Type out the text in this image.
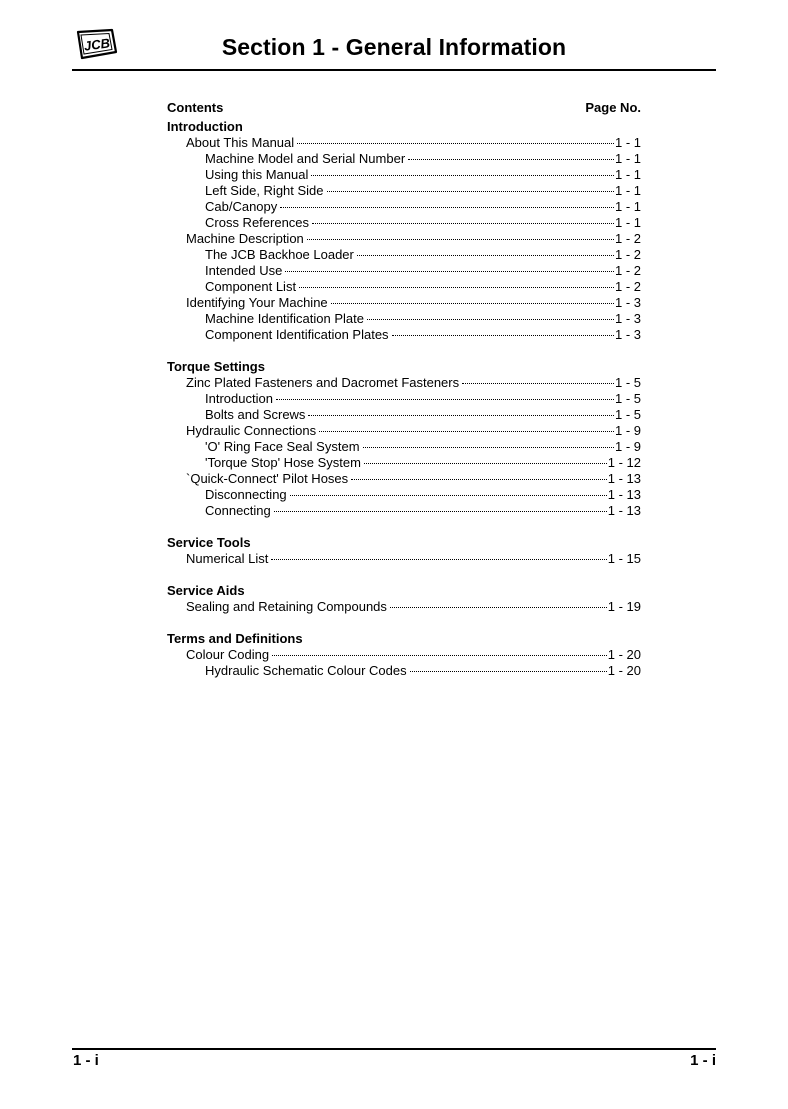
JCB	Section 1 - General Information
Contents	Page No.
Introduction
About This Manual	1 - 1
Machine Model and Serial Number	1 - 1
Using this Manual	1 - 1
Left Side, Right Side	1 - 1
Cab/Canopy	1 - 1
Cross References	1 - 1
Machine Description	1 - 2
The JCB Backhoe Loader	1 - 2
Intended Use	1 - 2
Component List	1 - 2
Identifying Your Machine	1 - 3
Machine Identification Plate	1 - 3
Component Identification Plates	1 - 3
Torque Settings
Zinc Plated Fasteners and Dacromet Fasteners	1 - 5
Introduction	1 - 5
Bolts and Screws	1 - 5
Hydraulic Connections	1 - 9
'O' Ring Face Seal System	1 - 9
'Torque Stop' Hose System	1 - 12
`Quick-Connect' Pilot Hoses	1 - 13
Disconnecting	1 - 13
Connecting	1 - 13
Service Tools
Numerical List	1 - 15
Service Aids
Sealing and Retaining Compounds	1 - 19
Terms and Definitions
Colour Coding	1 - 20
Hydraulic Schematic Colour Codes	1 - 20
1 - i	1 - i
